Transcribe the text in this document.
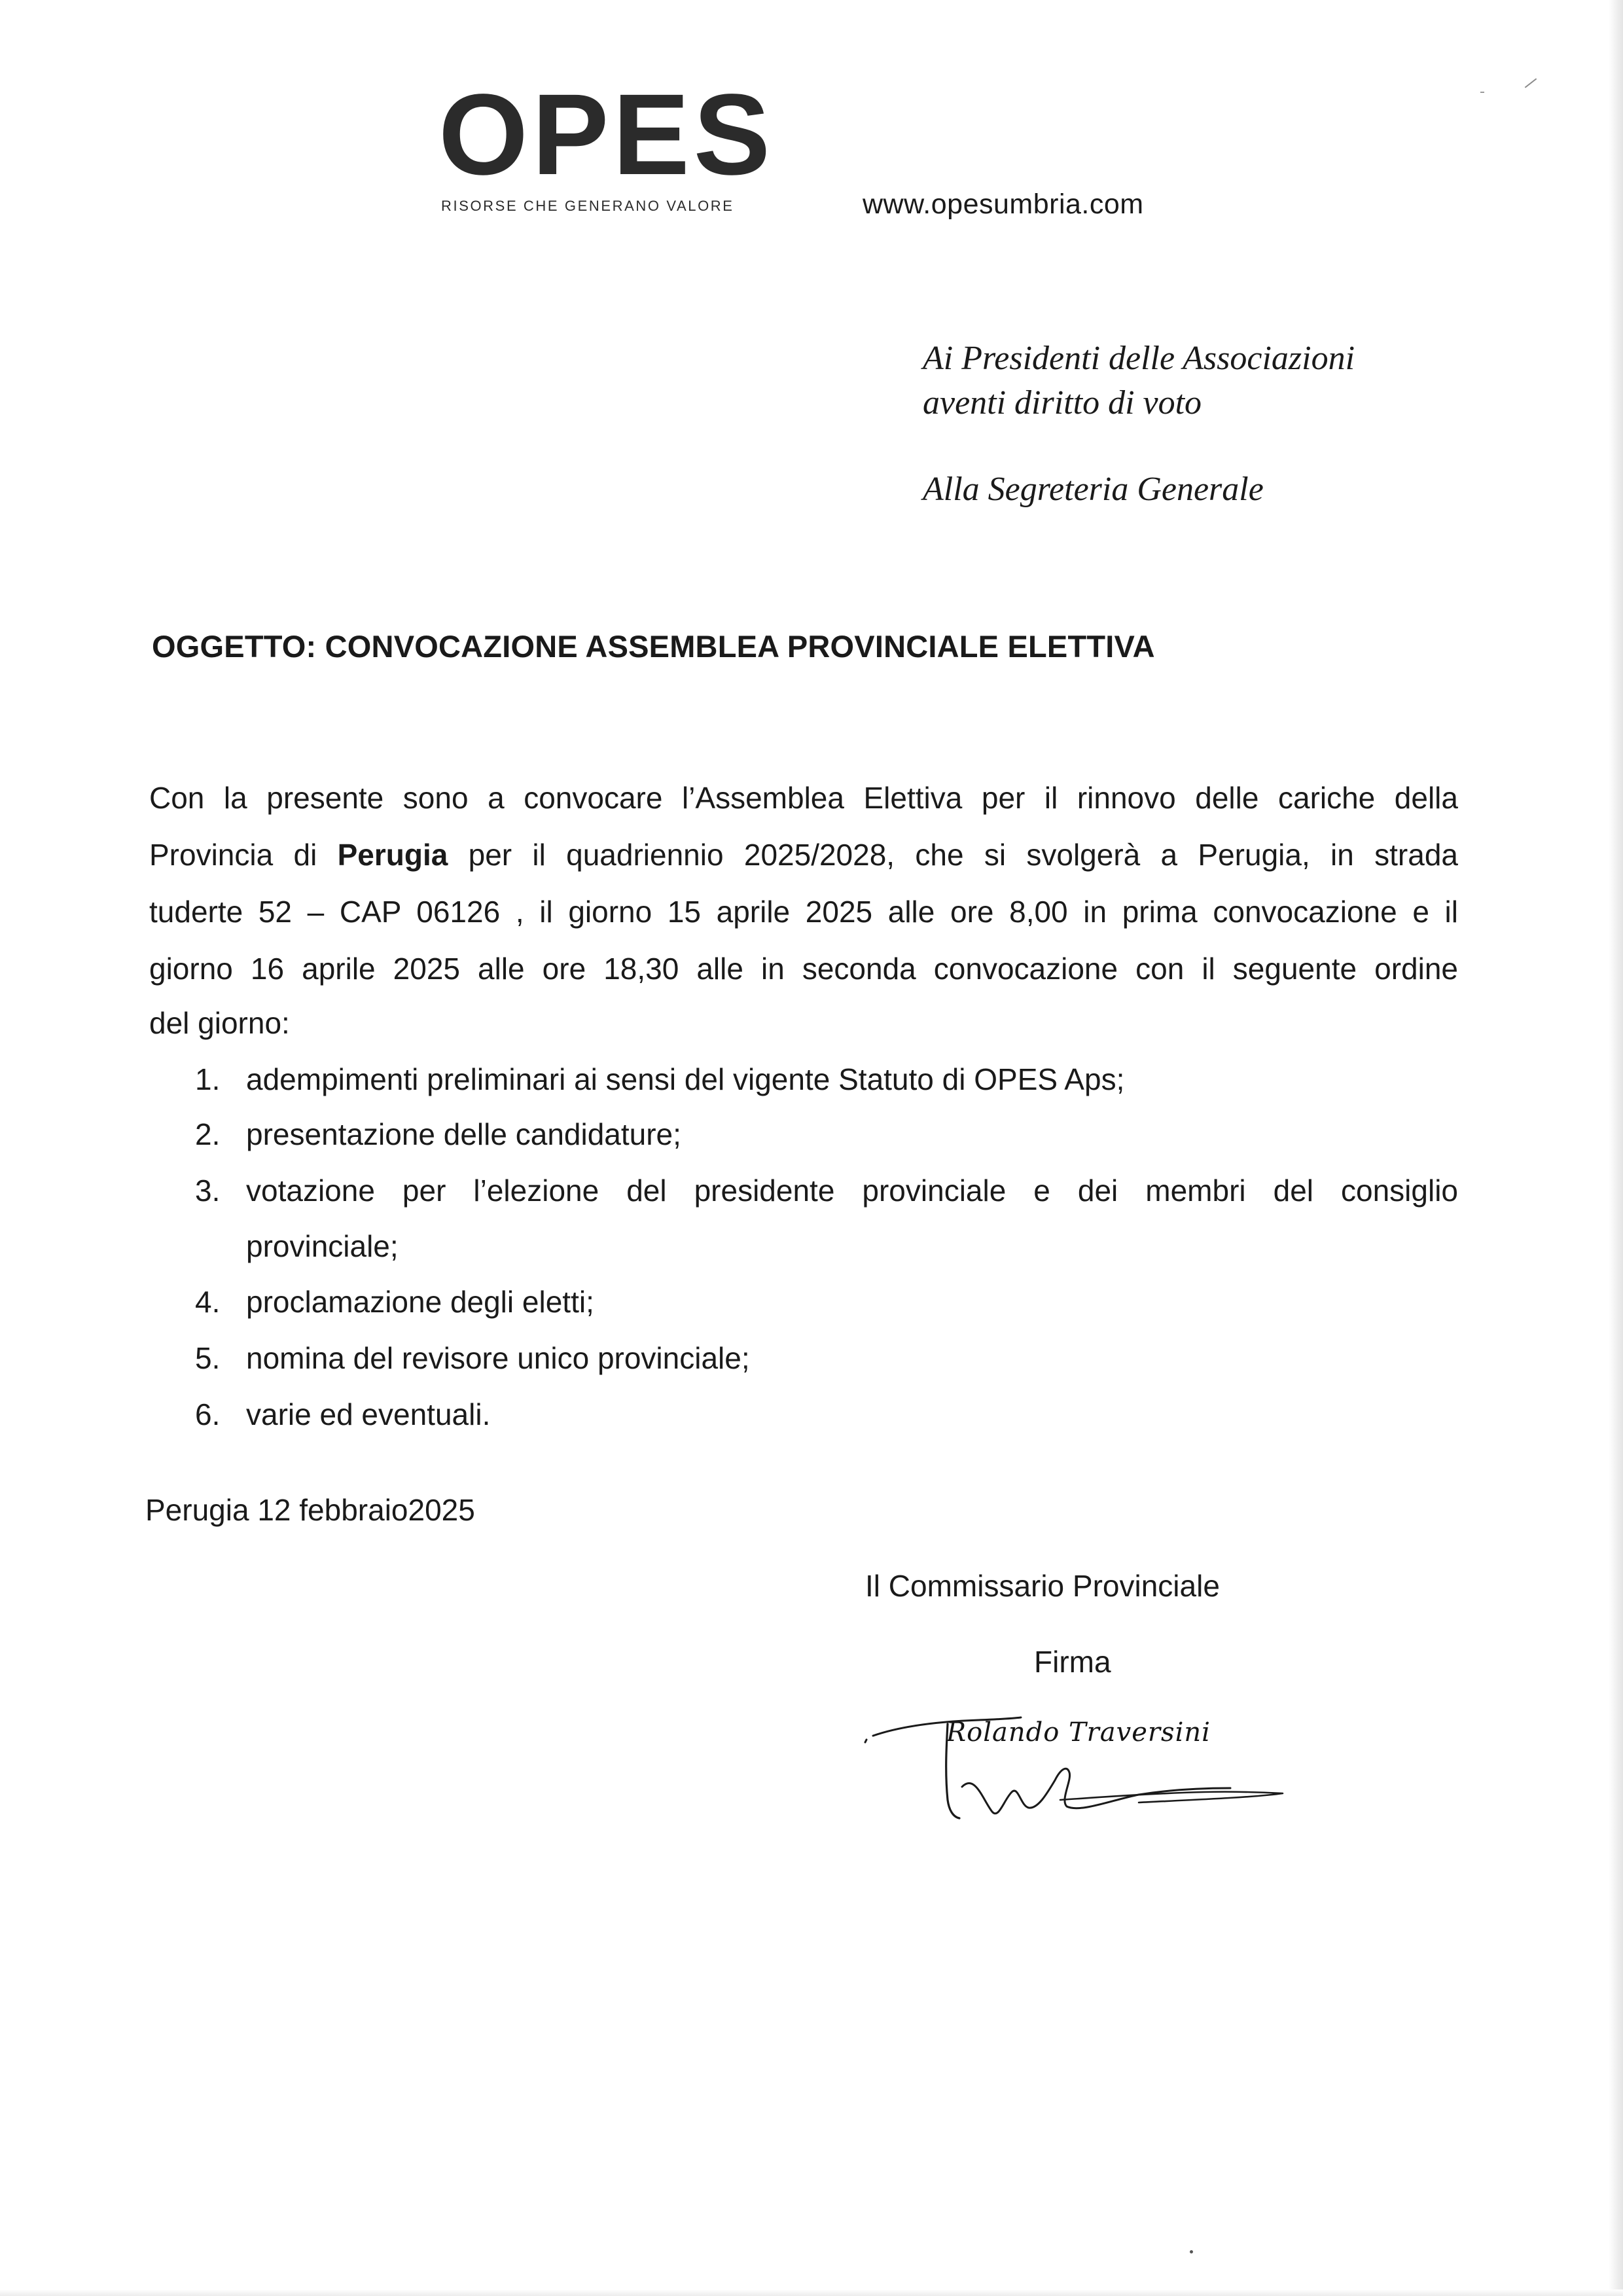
OPES
RISORSE CHE GENERANO VALORE	www.opesumbria.com
Ai Presidenti delle Associazioni
aventi diritto di voto
Alla Segreteria Generale
OGGETTO: CONVOCAZIONE ASSEMBLEA PROVINCIALE ELETTIVA
Con la presente sono a convocare l’Assemblea Elettiva per il rinnovo delle cariche della
Provincia di Perugia per il quadriennio 2025/2028, che si svolgerà a Perugia, in strada
tuderte 52 – CAP 06126 , il giorno 15 aprile 2025 alle ore 8,00 in prima convocazione e il
giorno 16 aprile 2025 alle ore 18,30 alle in seconda convocazione con il seguente ordine
del giorno:
1. adempimenti preliminari ai sensi del vigente Statuto di OPES Aps;
2. presentazione delle candidature;
3. votazione per l’elezione del presidente provinciale e dei membri del consiglio
provinciale;
4. proclamazione degli eletti;
5. nomina del revisore unico provinciale;
6. varie ed eventuali.
Perugia 12 febbraio2025
Il Commissario Provinciale
Firma
Rolando Traversini
